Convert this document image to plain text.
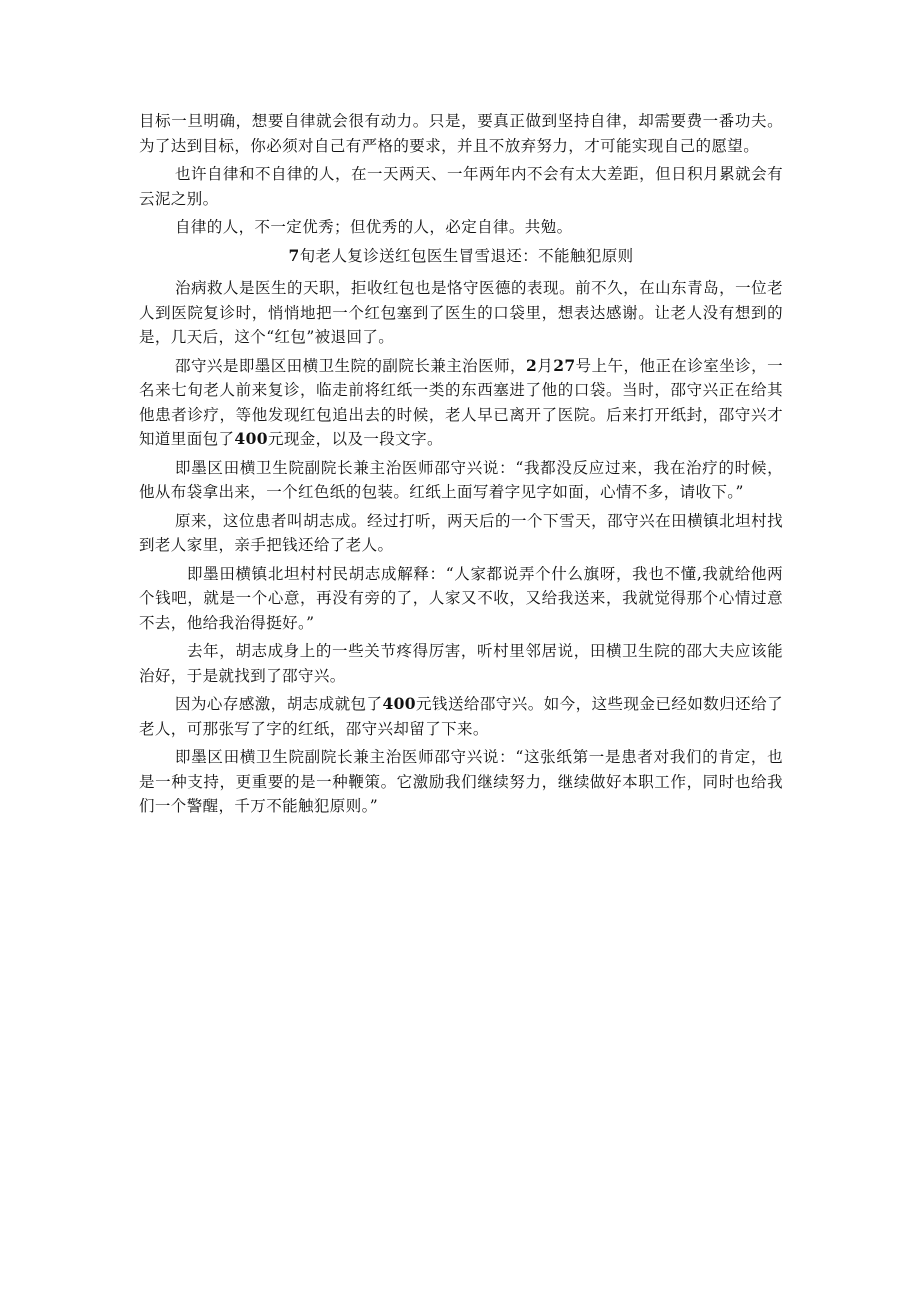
目标一旦明确，想要自律就会很有动力。只是，要真正做到坚持自律，却需要费一番功夫。为了达到目标，你必须对自己有严格的要求，并且不放弃努力，才可能实现自己的愿望。

也许自律和不自律的人，在一天两天、一年两年内不会有太大差距，但日积月累就会有云泥之别。

自律的人，不一定优秀；但优秀的人，必定自律。共勉。

7旬老人复诊送红包医生冒雪退还：不能触犯原则

治病救人是医生的天职，拒收红包也是恪守医德的表现。前不久，在山东青岛，一位老人到医院复诊时，悄悄地把一个红包塞到了医生的口袋里，想表达感谢。让老人没有想到的是，几天后，这个“红包”被退回了。

邵守兴是即墨区田横卫生院的副院长兼主治医师，2月27号上午，他正在诊室坐诊，一名来七旬老人前来复诊，临走前将红纸一类的东西塞进了他的口袋。当时，邵守兴正在给其他患者诊疗，等他发现红包追出去的时候，老人早已离开了医院。后来打开纸封，邵守兴才知道里面包了400元现金，以及一段文字。

即墨区田横卫生院副院长兼主治医师邵守兴说：“我都没反应过来，我在治疗的时候，他从布袋拿出来，一个红色纸的包装。红纸上面写着字见字如面，心情不多，请收下。”

原来，这位患者叫胡志成。经过打听，两天后的一个下雪天，邵守兴在田横镇北坦村找到老人家里，亲手把钱还给了老人。

即墨田横镇北坦村村民胡志成解释：“人家都说弄个什么旗呀，我也不懂,我就给他两个钱吧，就是一个心意，再没有旁的了，人家又不收，又给我送来，我就觉得那个心情过意不去，他给我治得挺好。”

去年，胡志成身上的一些关节疼得厉害，听村里邻居说，田横卫生院的邵大夫应该能治好，于是就找到了邵守兴。

因为心存感激，胡志成就包了400元钱送给邵守兴。如今，这些现金已经如数归还给了老人，可那张写了字的红纸，邵守兴却留了下来。

即墨区田横卫生院副院长兼主治医师邵守兴说：“这张纸第一是患者对我们的肯定，也是一种支持，更重要的是一种鞭策。它激励我们继续努力，继续做好本职工作，同时也给我们一个警醒，千万不能触犯原则。”
